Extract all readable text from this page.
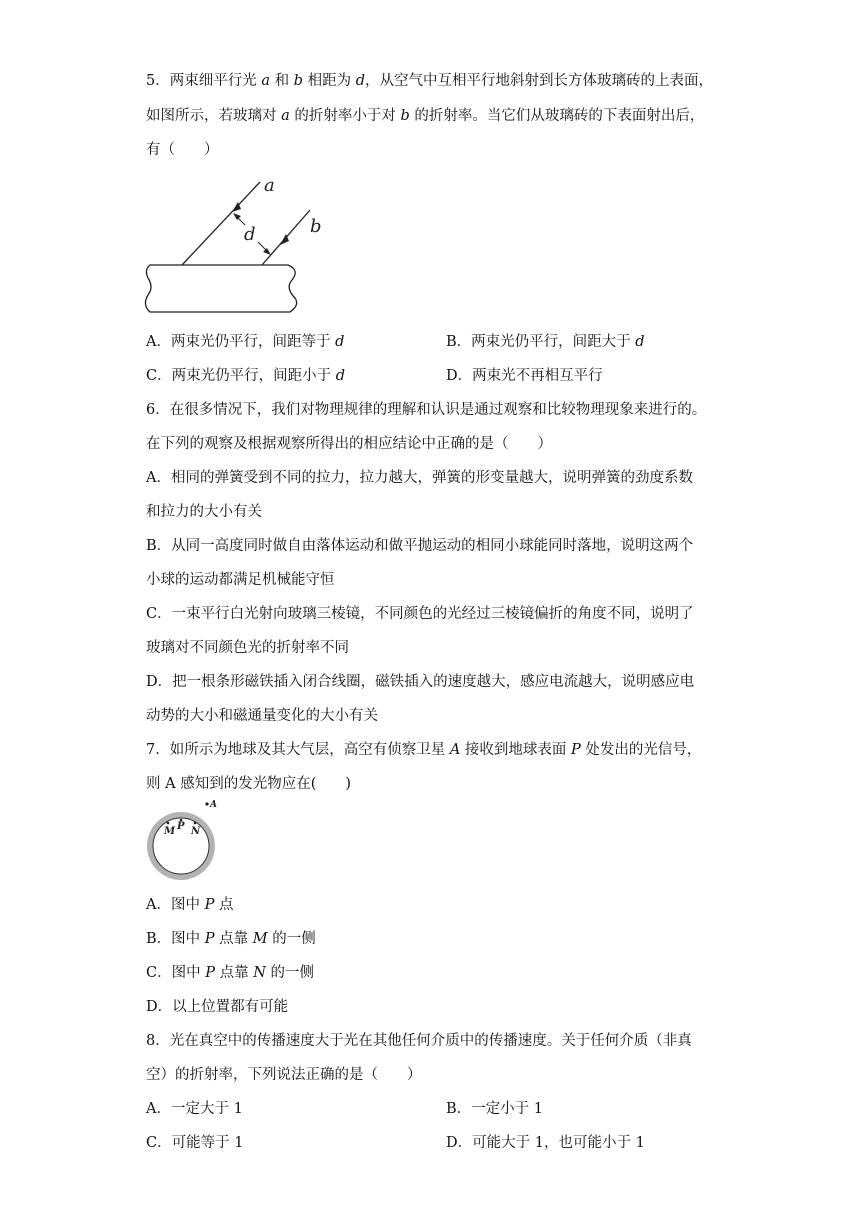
5．两束细平行光 a 和 b 相距为 d，从空气中互相平行地斜射到长方体玻璃砖的上表面，
如图所示，若玻璃对 a 的折射率小于对 b 的折射率。当它们从玻璃砖的下表面射出后，
有（　　）
a
d	b
A．两束光仍平行，间距等于 d	B．两束光仍平行，间距大于 d
C．两束光仍平行，间距小于 d	D．两束光不再相互平行
6．在很多情况下，我们对物理规律的理解和认识是通过观察和比较物理现象来进行的。
在下列的观察及根据观察所得出的相应结论中正确的是（　　）
A．相同的弹簧受到不同的拉力，拉力越大，弹簧的形变量越大，说明弹簧的劲度系数
和拉力的大小有关
B．从同一高度同时做自由落体运动和做平抛运动的相同小球能同时落地，说明这两个
小球的运动都满足机械能守恒
C．一束平行白光射向玻璃三棱镜，不同颜色的光经过三棱镜偏折的角度不同，说明了
玻璃对不同颜色光的折射率不同
D．把一根条形磁铁插入闭合线圈，磁铁插入的速度越大，感应电流越大，说明感应电
动势的大小和磁通量变化的大小有关
7．如所示为地球及其大气层，高空有侦察卫星 A 接收到地球表面 P 处发出的光信号，
则 A 感知到的发光物应在(　　)
A
M P N
A．图中 P 点
B．图中 P 点靠 M 的一侧
C．图中 P 点靠 N 的一侧
D．以上位置都有可能
8．光在真空中的传播速度大于光在其他任何介质中的传播速度。关于任何介质（非真
空）的折射率，下列说法正确的是（　　）
A．一定大于 1	B．一定小于 1
C．可能等于 1	D．可能大于 1，也可能小于 1
